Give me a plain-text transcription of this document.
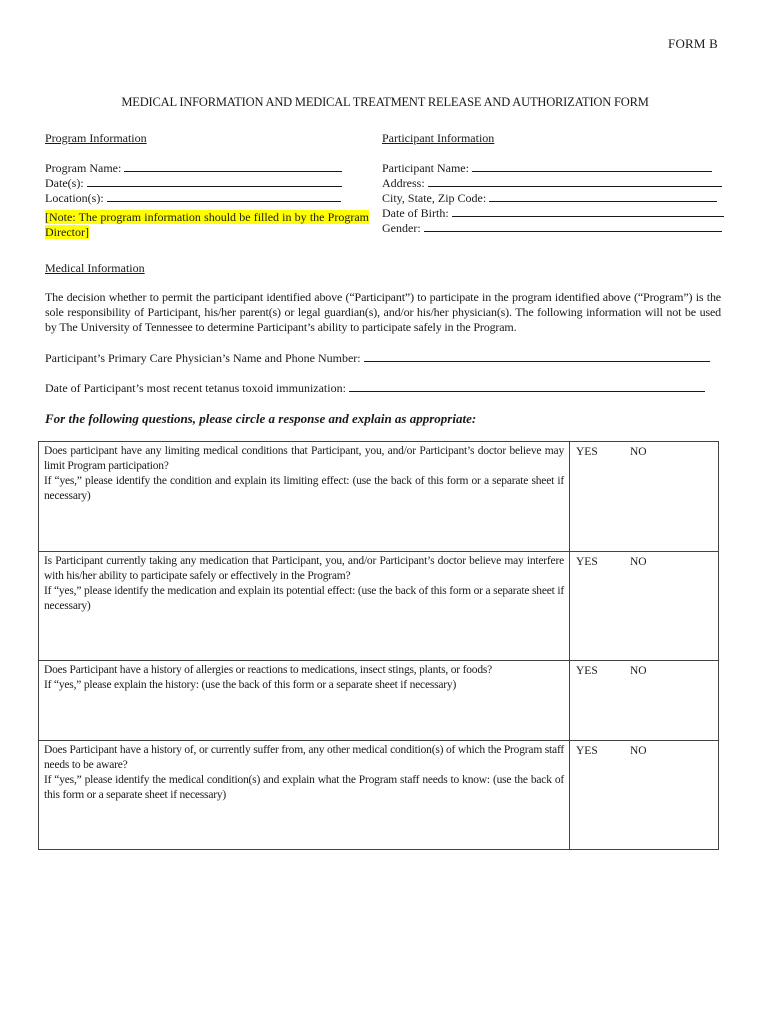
FORM B
MEDICAL INFORMATION AND MEDICAL TREATMENT RELEASE AND AUTHORIZATION FORM
Program Information
Program Name:
Date(s):
Location(s):
[Note: The program information should be filled in by the Program Director]
Participant Information
Participant Name:
Address:
City, State, Zip Code:
Date of Birth:
Gender:
Medical Information
The decision whether to permit the participant identified above (“Participant”) to participate in the program identified above (“Program”) is the sole responsibility of Participant, his/her parent(s) or legal guardian(s), and/or his/her physician(s). The following information will not be used by The University of Tennessee to determine Participant’s ability to participate safely in the Program.
Participant’s Primary Care Physician’s Name and Phone Number:
Date of Participant’s most recent tetanus toxoid immunization:
For the following questions, please circle a response and explain as appropriate:
Does participant have any limiting medical conditions that Participant, you, and/or Participant’s doctor believe may limit Program participation?
If “yes,” please identify the condition and explain its limiting effect: (use the back of this form or a separate sheet if necessary)	YES NO

Is Participant currently taking any medication that Participant, you, and/or Participant’s doctor believe may interfere with his/her ability to participate safely or effectively in the Program?
If “yes,” please identify the medication and explain its potential effect: (use the back of this form or a separate sheet if necessary)	YES NO

Does Participant have a history of allergies or reactions to medications, insect stings, plants, or foods?
If “yes,” please explain the history: (use the back of this form or a separate sheet if necessary)	YES NO

Does Participant have a history of, or currently suffer from, any other medical condition(s) of which the Program staff needs to be aware?
If “yes,” please identify the medical condition(s) and explain what the Program staff needs to know: (use the back of this form or a separate sheet if necessary)	YES NO
